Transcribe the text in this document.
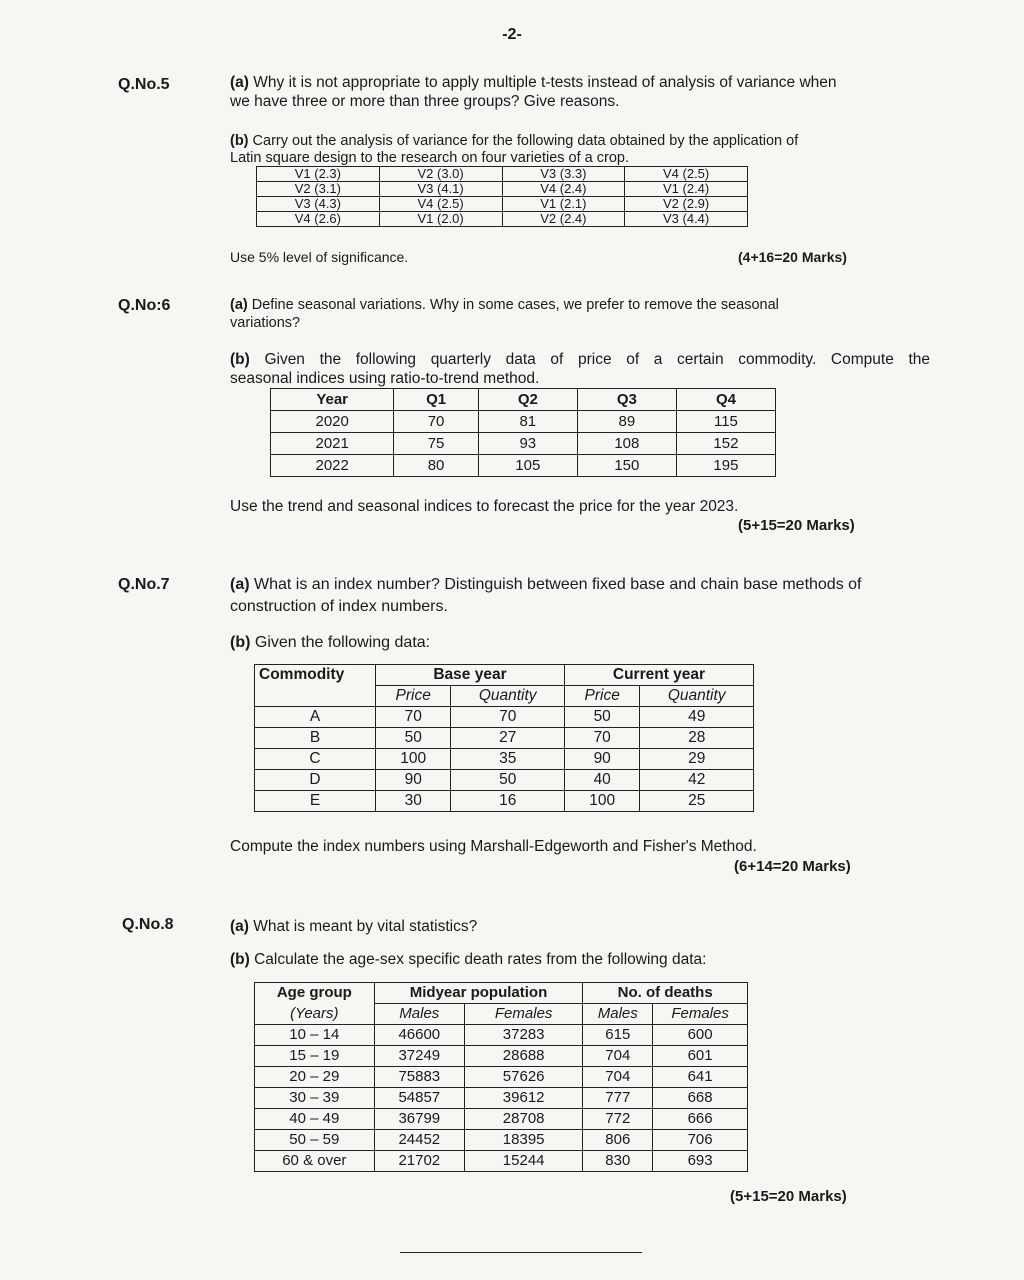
-2-
Q.No.5	(a) Why it is not appropriate to apply multiple t-tests instead of analysis of variance when
we have three or more than three groups? Give reasons.
(b) Carry out the analysis of variance for the following data obtained by the application of
Latin square design to the research on four varieties of a crop.
V1 (2.3)	V2 (3.0)	V3 (3.3)	V4 (2.5)
V2 (3.1)	V3 (4.1)	V4 (2.4)	V1 (2.4)
V3 (4.3)	V4 (2.5)	V1 (2.1)	V2 (2.9)
V4 (2.6)	V1 (2.0)	V2 (2.4)	V3 (4.4)
Use 5% level of significance.	(4+16=20 Marks)
Q.No:6	(a) Define seasonal variations. Why in some cases, we prefer to remove the seasonal
variations?
(b) Given the following quarterly data of price of a certain commodity. Compute the
seasonal indices using ratio-to-trend method.
Year	Q1	Q2	Q3	Q4
2020	70	81	89	115
2021	75	93	108	152
2022	80	105	150	195
Use the trend and seasonal indices to forecast the price for the year 2023.
(5+15=20 Marks)
Q.No.7	(a) What is an index number? Distinguish between fixed base and chain base methods of
construction of index numbers.
(b) Given the following data:
Commodity	Base year		Current year	
	Price	Quantity	Price	Quantity
A	70	70	50	49
B	50	27	70	28
C	100	35	90	29
D	90	50	40	42
E	30	16	100	25
Compute the index numbers using Marshall-Edgeworth and Fisher's Method.
(6+14=20 Marks)
Q.No.8	(a) What is meant by vital statistics?
(b) Calculate the age-sex specific death rates from the following data:
Age group	Midyear population		No. of deaths	
(Years)	Males	Females	Males	Females
10 – 14	46600	37283	615	600
15 – 19	37249	28688	704	601
20 – 29	75883	57626	704	641
30 – 39	54857	39612	777	668
40 – 49	36799	28708	772	666
50 – 59	24452	18395	806	706
60 & over	21702	15244	830	693
(5+15=20 Marks)
